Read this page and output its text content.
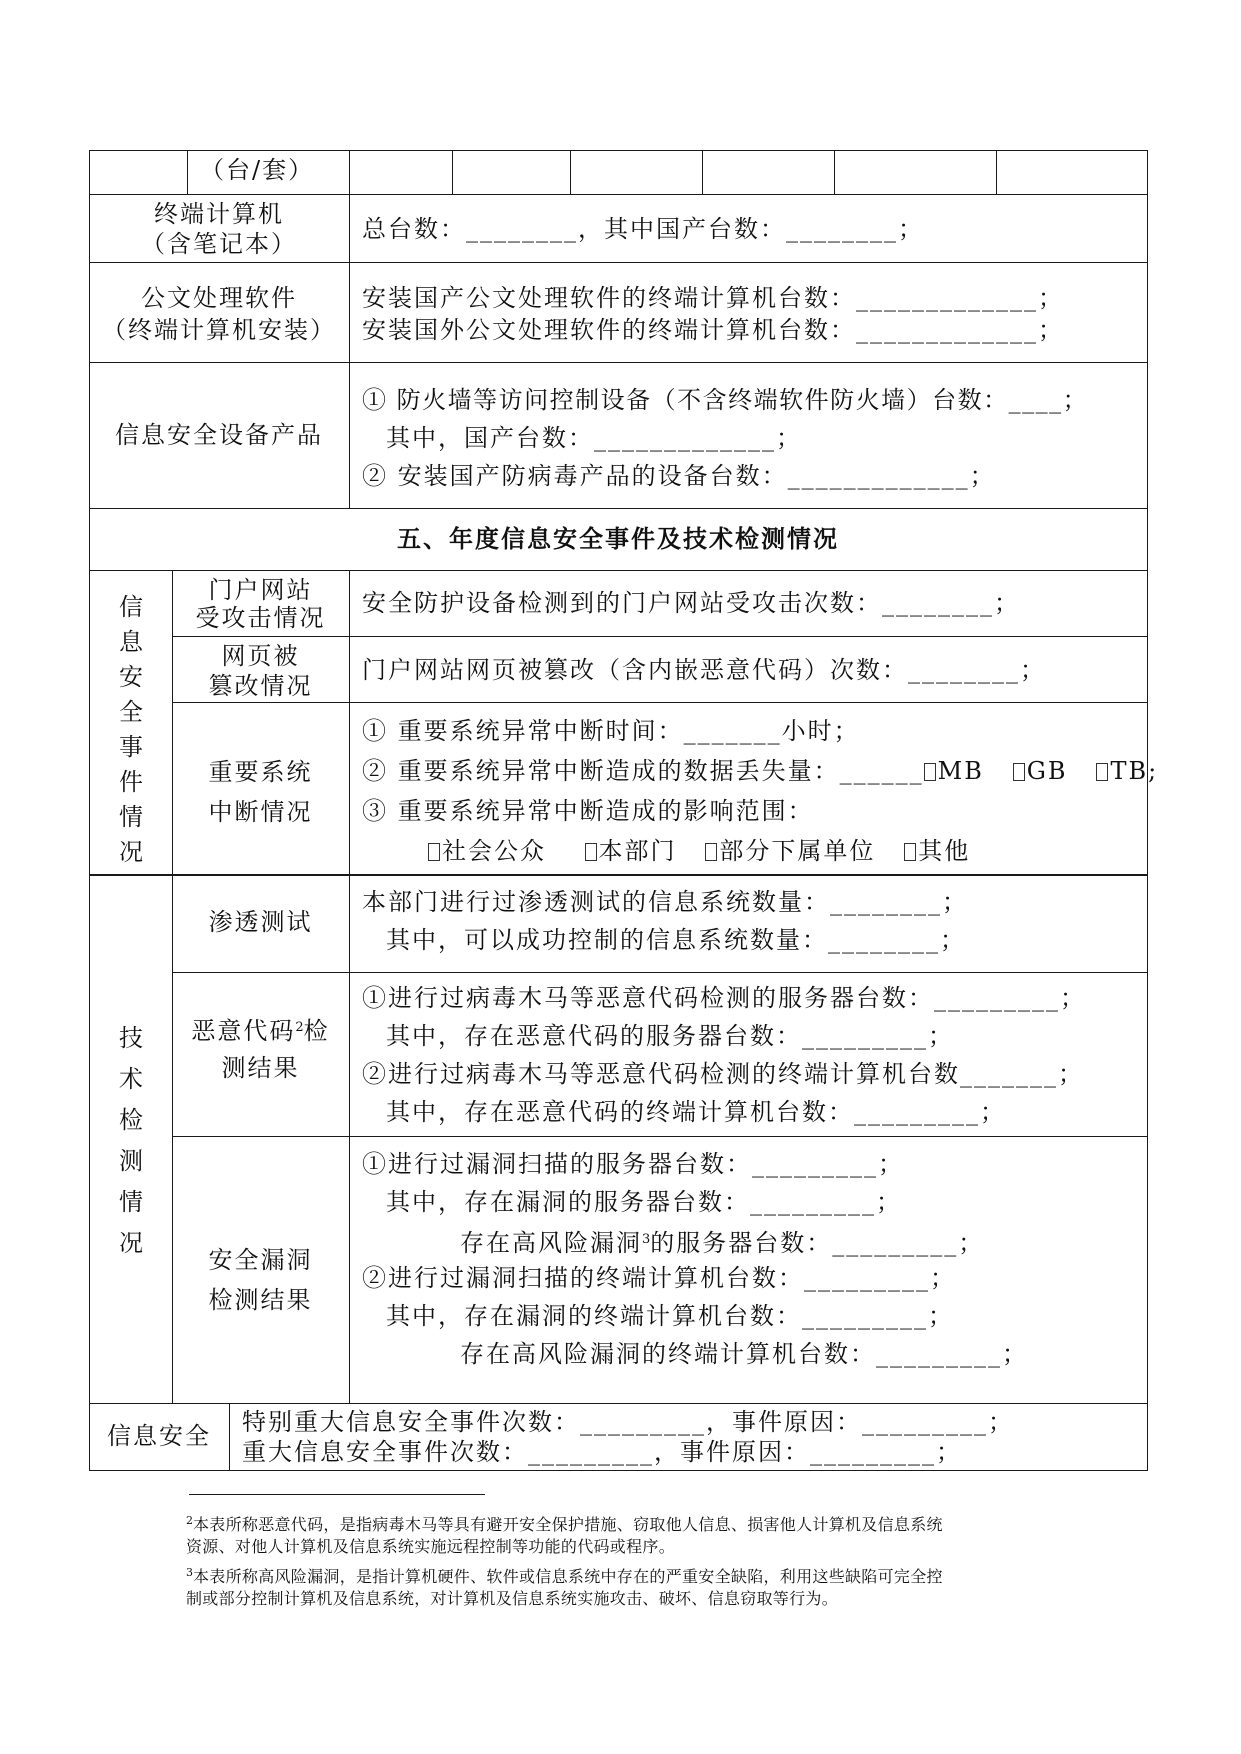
（台/套）
终端计算机
（含笔记本）
总台数：________，其中国产台数：________；
公文处理软件
（终端计算机安装）
安装国产公文处理软件的终端计算机台数：_____________；
安装国外公文处理软件的终端计算机台数：_____________；
信息安全设备产品
① 防火墙等访问控制设备（不含终端软件防火墙）台数：____；
其中，国产台数：_____________；
② 安装国产防病毒产品的设备台数：_____________；
五、年度信息安全事件及技术检测情况
信息安全事件情况
门户网站
受攻击情况
安全防护设备检测到的门户网站受攻击次数：________；
网页被
篡改情况
门户网站网页被篡改（含内嵌恶意代码）次数：________；
重要系统
中断情况
① 重要系统异常中断时间：_______小时；
② 重要系统异常中断造成的数据丢失量：______ MB GB TB;
③ 重要系统异常中断造成的影响范围：
社会公众 本部门 部分下属单位 其他
技术检测情况
渗透测试
本部门进行过渗透测试的信息系统数量：________；
其中，可以成功控制的信息系统数量：________；
恶意代码$^2$检
测结果
①进行过病毒木马等恶意代码检测的服务器台数：_________；
其中，存在恶意代码的服务器台数：_________；
②进行过病毒木马等恶意代码检测的终端计算机台数_______；
其中，存在恶意代码的终端计算机台数：_________；
安全漏洞
检测结果
①进行过漏洞扫描的服务器台数：_________；
其中，存在漏洞的服务器台数：_________；
存在高风险漏洞$^3$的服务器台数：_________；
②进行过漏洞扫描的终端计算机台数：_________；
其中，存在漏洞的终端计算机台数：_________；
存在高风险漏洞的终端计算机台数：_________；
信息安全	特别重大信息安全事件次数：_________，事件原因：_________；
重大信息安全事件次数：_________，事件原因：_________；
$^2$本表所称恶意代码，是指病毒木马等具有避开安全保护措施、窃取他人信息、损害他人计算机及信息系统
资源、对他人计算机及信息系统实施远程控制等功能的代码或程序。
$^3$本表所称高风险漏洞，是指计算机硬件、软件或信息系统中存在的严重安全缺陷，利用这些缺陷可完全控
制或部分控制计算机及信息系统，对计算机及信息系统实施攻击、破坏、信息窃取等行为。
